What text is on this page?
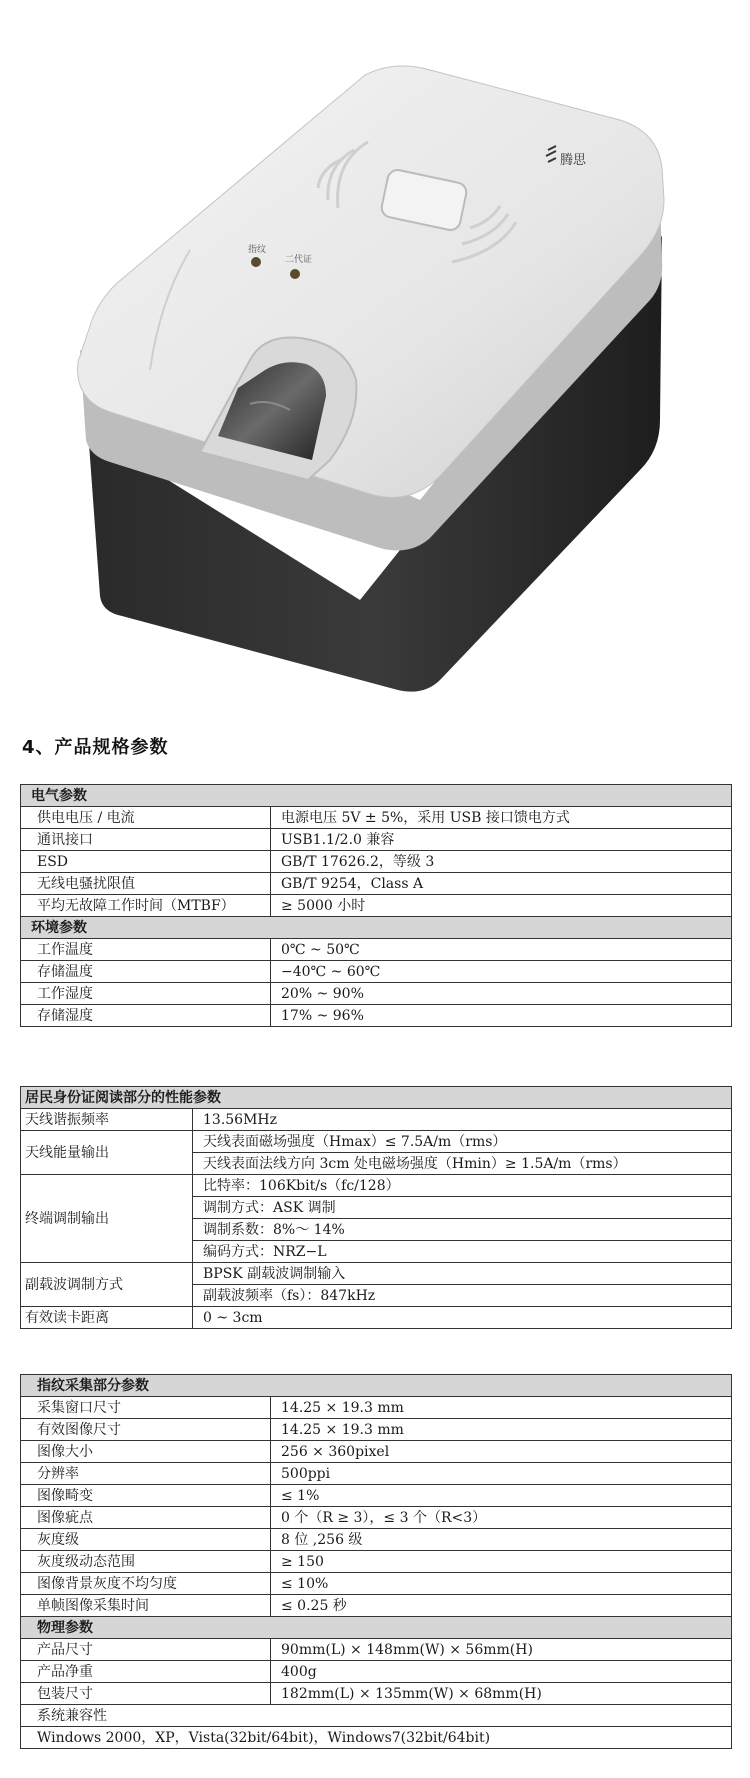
腾思
指纹
二代证
4、产品规格参数
电气参数	
供电电压 / 电流	电源电压 5V ± 5%，采用 USB 接口馈电方式
通讯接口	USB1.1/2.0 兼容
ESD	GB/T 17626.2，等级 3
无线电骚扰限值	GB/T 9254，Class A
平均无故障工作时间（MTBF）	≥ 5000 小时
环境参数	
工作温度	0℃ ~ 50℃
存储温度	−40℃ ~ 60℃
工作湿度	20% ~ 90%
存储湿度	17% ~ 96%
居民身份证阅读部分的性能参数	
天线谐振频率	13.56MHz
天线能量输出	天线表面磁场强度（Hmax）≤ 7.5A/m（rms）
	天线表面法线方向 3cm 处电磁场强度（Hmin）≥ 1.5A/m（rms）
终端调制输出	比特率：106Kbit/s（fc/128）
	调制方式：ASK 调制
	调制系数：8%～ 14%
	编码方式：NRZ−L
副载波调制方式	BPSK 副载波调制输入
	副载波频率（fs）：847kHz
有效读卡距离	0 ~ 3cm
指纹采集部分参数	
采集窗口尺寸	14.25 × 19.3 mm
有效图像尺寸	14.25 × 19.3 mm
图像大小	256 × 360pixel
分辨率	500ppi
图像畸变	≤ 1%
图像疵点	0 个（R ≥ 3），≤ 3 个（R<3）
灰度级	8 位 ,256 级
灰度级动态范围	≥ 150
图像背景灰度不均匀度	≤ 10%
单帧图像采集时间	≤ 0.25 秒
物理参数	
产品尺寸	90mm(L) × 148mm(W) × 56mm(H)
产品净重	400g
包装尺寸	182mm(L) × 135mm(W) × 68mm(H)
系统兼容性	
Windows 2000，XP，Vista(32bit/64bit)，Windows7(32bit/64bit)	
